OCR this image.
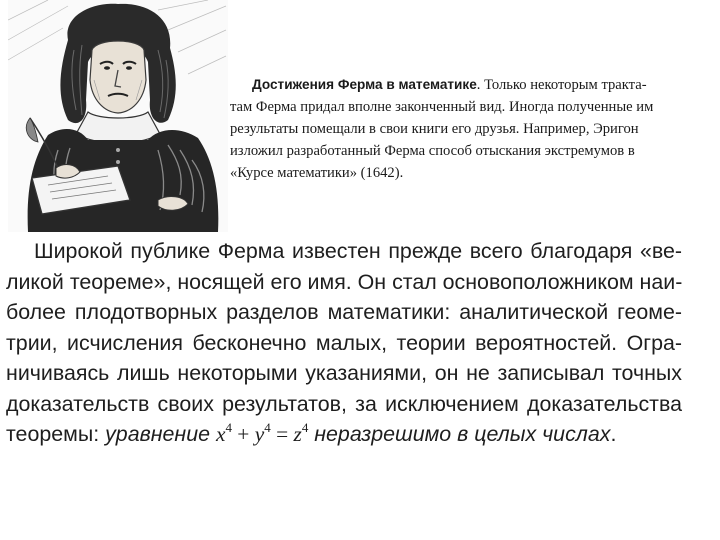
Достижения Ферма в математике. Только некоторым тракта-
там Ферма придал вполне законченный вид. Иногда полученные им
результаты помещали в свои книги его друзья. Например, Эригон
изложил разработанный Ферма способ отыскания экстремумов в
«Курсе математики» (1642).
Широкой публике Ферма известен прежде всего благодаря «ве-
ликой теореме», носящей его имя. Он стал основоположником наи-
более плодотворных разделов математики: аналитической геоме-
трии, исчисления бесконечно малых, теории вероятностей. Огра-
ничиваясь лишь некоторыми указаниями, он не записывал точных
доказательств своих результатов, за исключением доказательства
теоремы: уравнение $x^4 + y^4 = z^4$ неразрешимо в целых числах.
